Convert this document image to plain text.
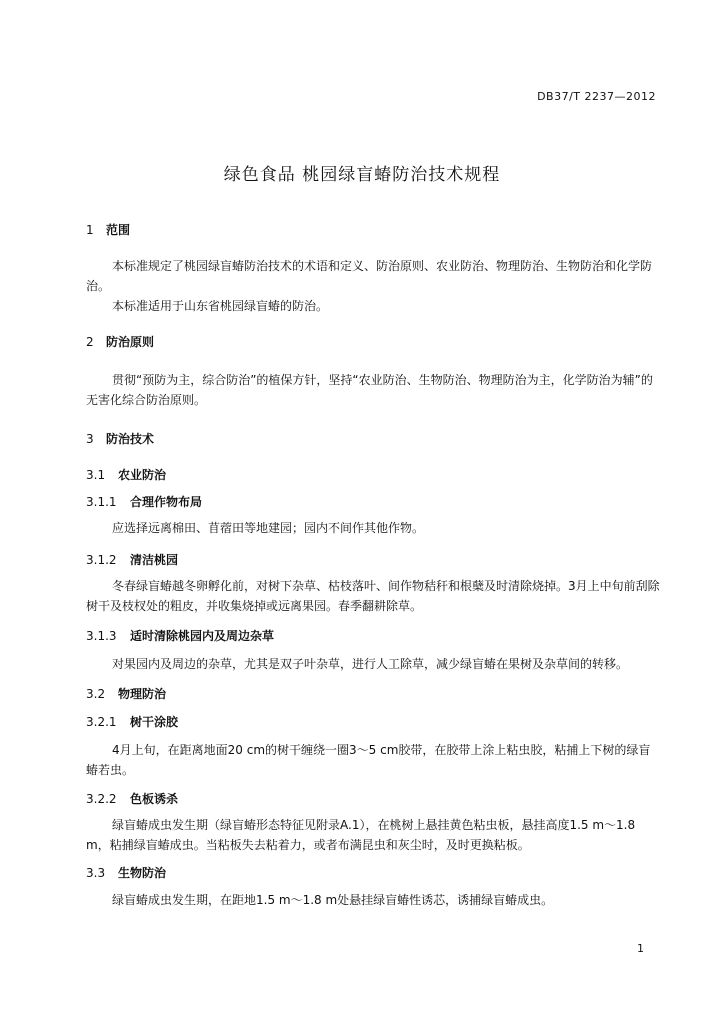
DB37/T 2237—2012
绿色食品 桃园绿盲蝽防治技术规程
1 范围
本标准规定了桃园绿盲蝽防治技术的术语和定义、防治原则、农业防治、物理防治、生物防治和化学防治。
本标准适用于山东省桃园绿盲蝽的防治。
2 防治原则
贯彻“预防为主，综合防治”的植保方针，坚持“农业防治、生物防治、物理防治为主，化学防治为辅”的无害化综合防治原则。
3 防治技术
3.1 农业防治
3.1.1 合理作物布局
应选择远离棉田、苜蓿田等地建园；园内不间作其他作物。
3.1.2 清洁桃园
冬春绿盲蝽越冬卵孵化前，对树下杂草、枯枝落叶、间作物秸秆和根蘖及时清除烧掉。3月上中旬前刮除树干及枝杈处的粗皮，并收集烧掉或远离果园。春季翻耕除草。
3.1.3 适时清除桃园内及周边杂草
对果园内及周边的杂草，尤其是双子叶杂草，进行人工除草，减少绿盲蝽在果树及杂草间的转移。
3.2 物理防治
3.2.1 树干涂胶
4月上旬，在距离地面20 cm的树干缠绕一圈3～5 cm胶带，在胶带上涂上粘虫胶，粘捕上下树的绿盲蝽若虫。
3.2.2 色板诱杀
绿盲蝽成虫发生期（绿盲蝽形态特征见附录A.1），在桃树上悬挂黄色粘虫板，悬挂高度1.5 m～1.8 m，粘捕绿盲蝽成虫。当粘板失去粘着力，或者布满昆虫和灰尘时，及时更换粘板。
3.3 生物防治
绿盲蝽成虫发生期，在距地1.5 m～1.8 m处悬挂绿盲蝽性诱芯，诱捕绿盲蝽成虫。
1
